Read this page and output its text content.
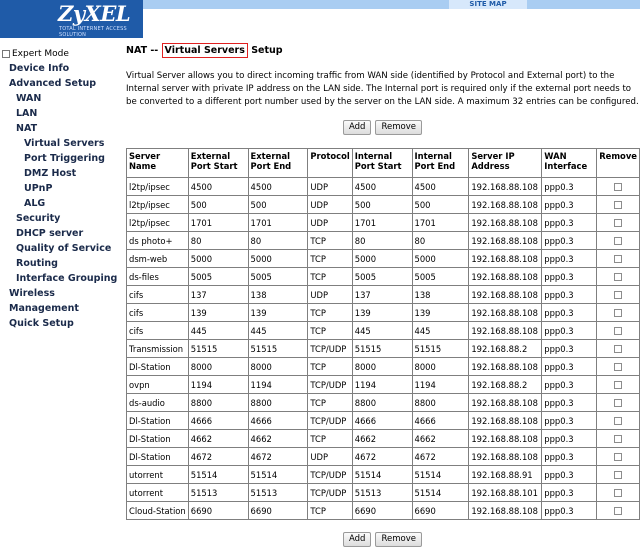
ZyXEL
TOTAL INTERNET ACCESS SOLUTION
SITE MAP
Expert Mode
Device Info
Advanced Setup
WAN
LAN
NAT
Virtual Servers
Port Triggering
DMZ Host
UPnP
ALG
Security
DHCP server
Quality of Service
Routing
Interface Grouping
Wireless
Management
Quick Setup
NAT -- Virtual Servers Setup
Virtual Server allows you to direct incoming traffic from WAN side (identified by Protocol and External port) to the Internal server with private IP address on the LAN side. The Internal port is required only if the external port needs to be converted to a different port number used by the server on the LAN side. A maximum 32 entries can be configured.
Add	Remove
Server Name	External Port Start	External Port End	Protocol	Internal Port Start	Internal Port End	Server IP Address	WAN Interface	Remove
l2tp/ipsec	4500	4500	UDP	4500	4500	192.168.88.108	ppp0.3	
l2tp/ipsec	500	500	UDP	500	500	192.168.88.108	ppp0.3	
l2tp/ipsec	1701	1701	UDP	1701	1701	192.168.88.108	ppp0.3	
ds photo+	80	80	TCP	80	80	192.168.88.108	ppp0.3	
dsm-web	5000	5000	TCP	5000	5000	192.168.88.108	ppp0.3	
ds-files	5005	5005	TCP	5005	5005	192.168.88.108	ppp0.3	
cifs	137	138	UDP	137	138	192.168.88.108	ppp0.3	
cifs	139	139	TCP	139	139	192.168.88.108	ppp0.3	
cifs	445	445	TCP	445	445	192.168.88.108	ppp0.3	
Transmission	51515	51515	TCP/UDP	51515	51515	192.168.88.2	ppp0.3	
Dl-Station	8000	8000	TCP	8000	8000	192.168.88.108	ppp0.3	
ovpn	1194	1194	TCP/UDP	1194	1194	192.168.88.2	ppp0.3	
ds-audio	8800	8800	TCP	8800	8800	192.168.88.108	ppp0.3	
Dl-Station	4666	4666	TCP/UDP	4666	4666	192.168.88.108	ppp0.3	
Dl-Station	4662	4662	TCP	4662	4662	192.168.88.108	ppp0.3	
Dl-Station	4672	4672	UDP	4672	4672	192.168.88.108	ppp0.3	
utorrent	51514	51514	TCP/UDP	51514	51514	192.168.88.91	ppp0.3	
utorrent	51513	51513	TCP/UDP	51513	51514	192.168.88.101	ppp0.3	
Cloud-Station	6690	6690	TCP	6690	6690	192.168.88.108	ppp0.3	
Add	Remove
